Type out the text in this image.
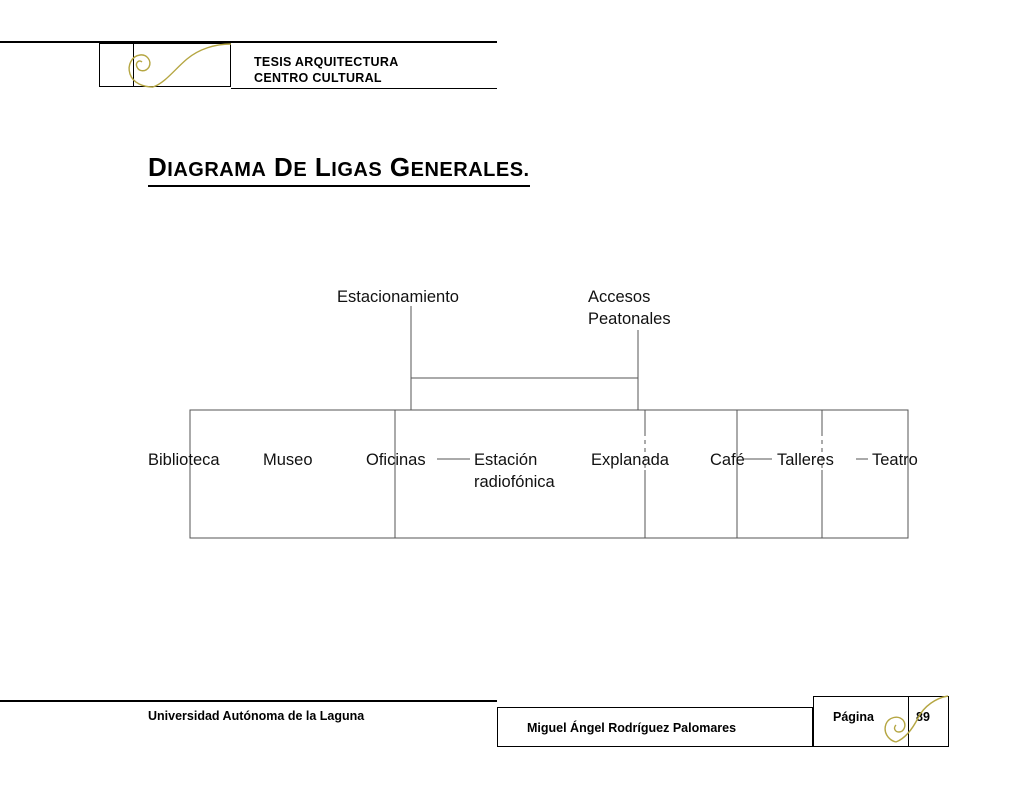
TESIS ARQUITECTURA
CENTRO CULTURAL
DIAGRAMA DE LIGAS GENERALES.
Estacionamiento	Accesos
Peatonales
Biblioteca	Museo	Oficinas	Estación
radiofónica
Explanada Café Talleres Teatro
Universidad Autónoma de la Laguna
Miguel Ángel Rodríguez Palomares
Página	89
